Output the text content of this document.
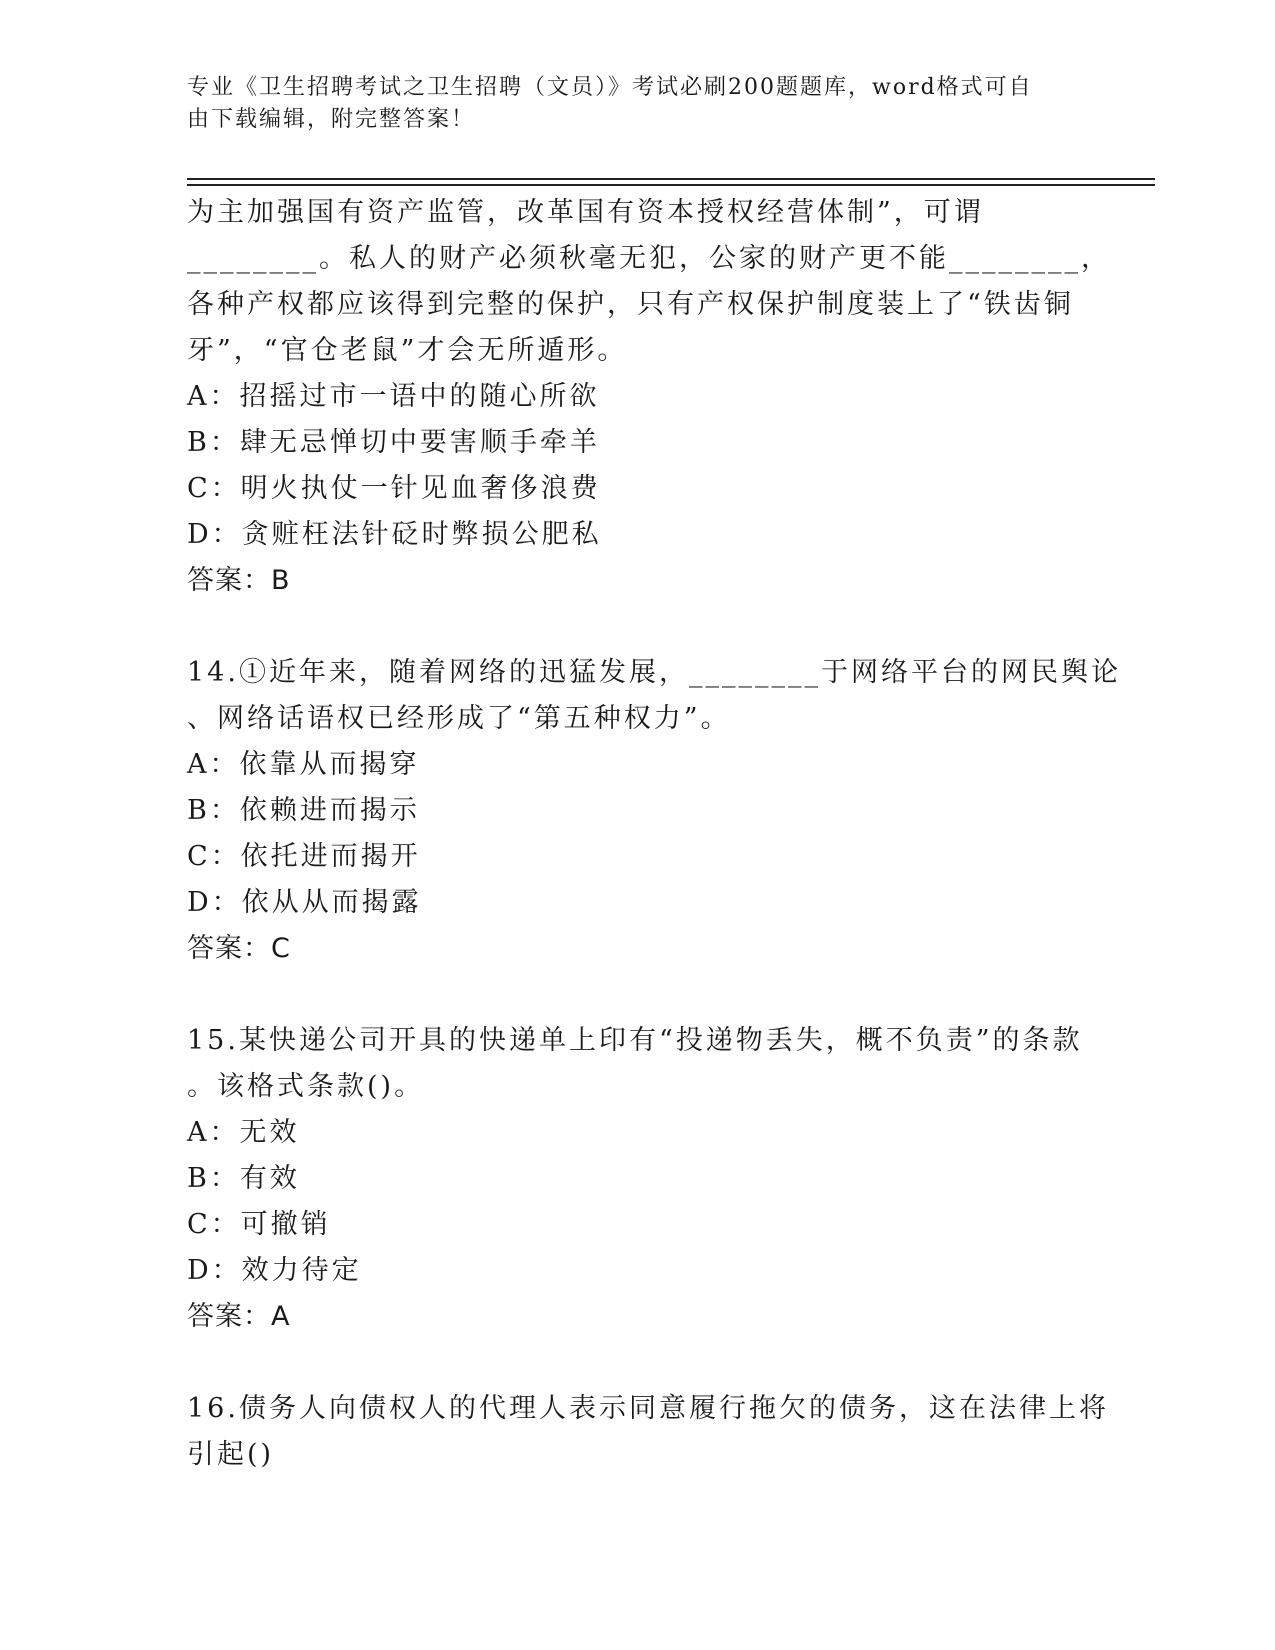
专业《卫生招聘考试之卫生招聘（文员）》考试必刷200题题库，word格式可自
由下载编辑，附完整答案！
为主加强国有资产监管，改革国有资本授权经营体制”，可谓
________。私人的财产必须秋毫无犯，公家的财产更不能________，
各种产权都应该得到完整的保护，只有产权保护制度装上了“铁齿铜
牙”，“官仓老鼠”才会无所遁形。
A：招摇过市一语中的随心所欲
B：肆无忌惮切中要害顺手牵羊
C：明火执仗一针见血奢侈浪费
D：贪赃枉法针砭时弊损公肥私
答案：B
14.①近年来，随着网络的迅猛发展，________于网络平台的网民舆论
、网络话语权已经形成了“第五种权力”。
A：依靠从而揭穿
B：依赖进而揭示
C：依托进而揭开
D：依从从而揭露
答案：C
15.某快递公司开具的快递单上印有“投递物丢失，概不负责”的条款
。该格式条款()。
A：无效
B：有效
C：可撤销
D：效力待定
答案：A
16.债务人向债权人的代理人表示同意履行拖欠的债务，这在法律上将
引起()
